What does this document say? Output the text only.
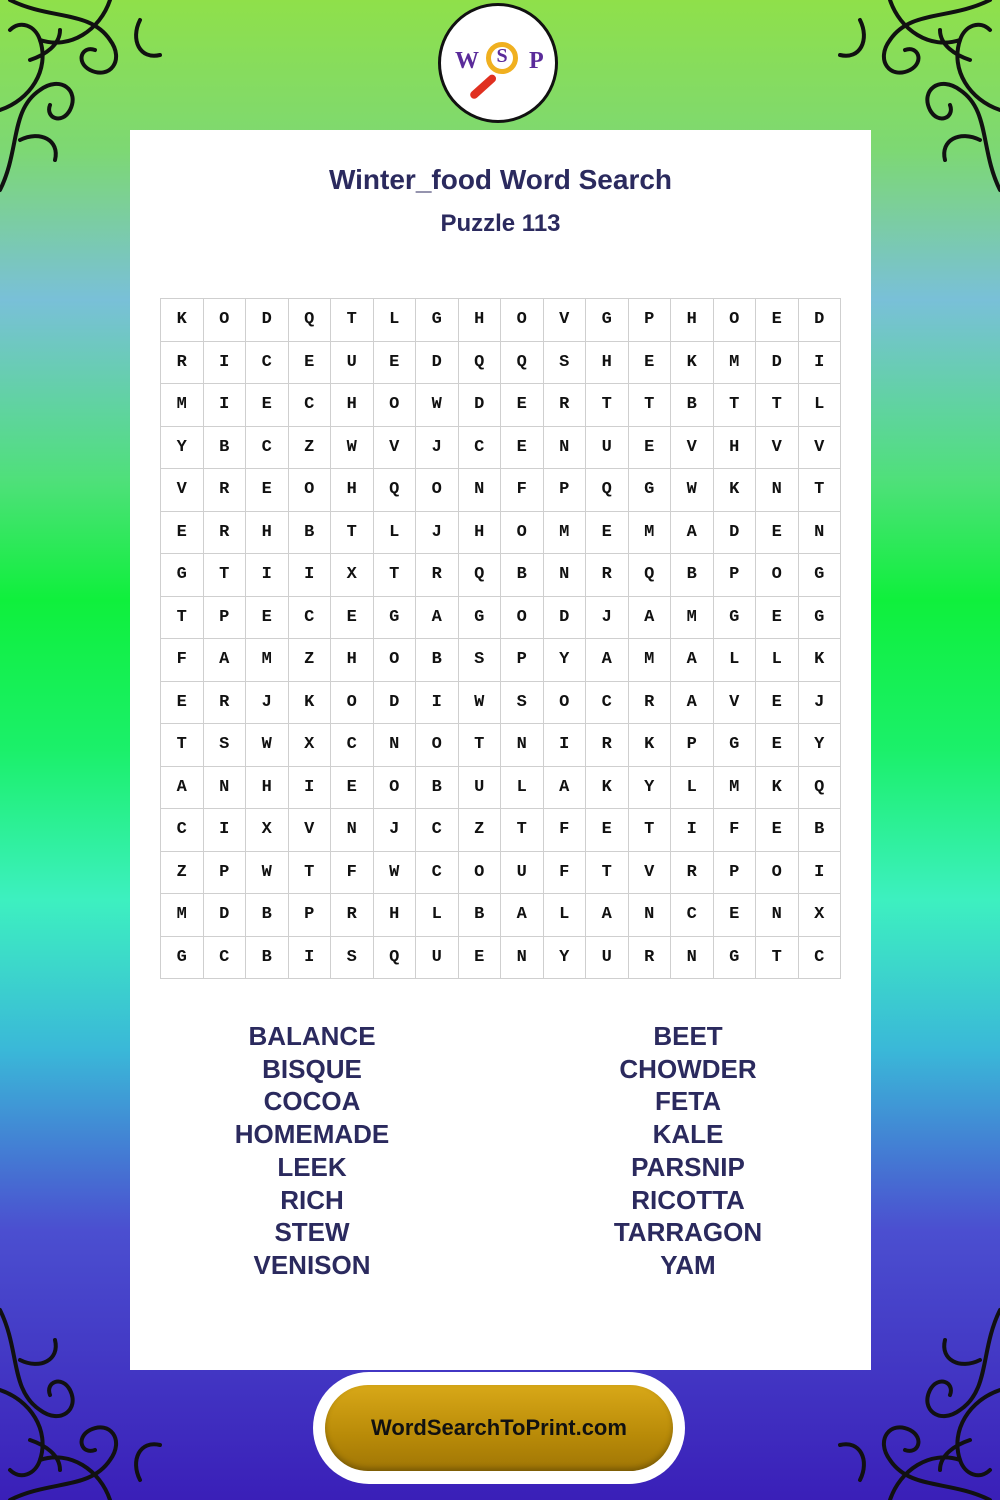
W S P
Winter_food Word Search
Puzzle 113
K	O	D	Q	T	L	G	H	O	V	G	P	H	O	E	D
R	I	C	E	U	E	D	Q	Q	S	H	E	K	M	D	I
M	I	E	C	H	O	W	D	E	R	T	T	B	T	T	L
Y	B	C	Z	W	V	J	C	E	N	U	E	V	H	V	V
V	R	E	O	H	Q	O	N	F	P	Q	G	W	K	N	T
E	R	H	B	T	L	J	H	O	M	E	M	A	D	E	N
G	T	I	I	X	T	R	Q	B	N	R	Q	B	P	O	G
T	P	E	C	E	G	A	G	O	D	J	A	M	G	E	G
F	A	M	Z	H	O	B	S	P	Y	A	M	A	L	L	K
E	R	J	K	O	D	I	W	S	O	C	R	A	V	E	J
T	S	W	X	C	N	O	T	N	I	R	K	P	G	E	Y
A	N	H	I	E	O	B	U	L	A	K	Y	L	M	K	Q
C	I	X	V	N	J	C	Z	T	F	E	T	I	F	E	B
Z	P	W	T	F	W	C	O	U	F	T	V	R	P	O	I
M	D	B	P	R	H	L	B	A	L	A	N	C	E	N	X
G	C	B	I	S	Q	U	E	N	Y	U	R	N	G	T	C
BALANCE
BISQUE
COCOA
HOMEMADE
LEEK
RICH
STEW
VENISON
BEET
CHOWDER
FETA
KALE
PARSNIP
RICOTTA
TARRAGON
YAM
WordSearchToPrint.com
